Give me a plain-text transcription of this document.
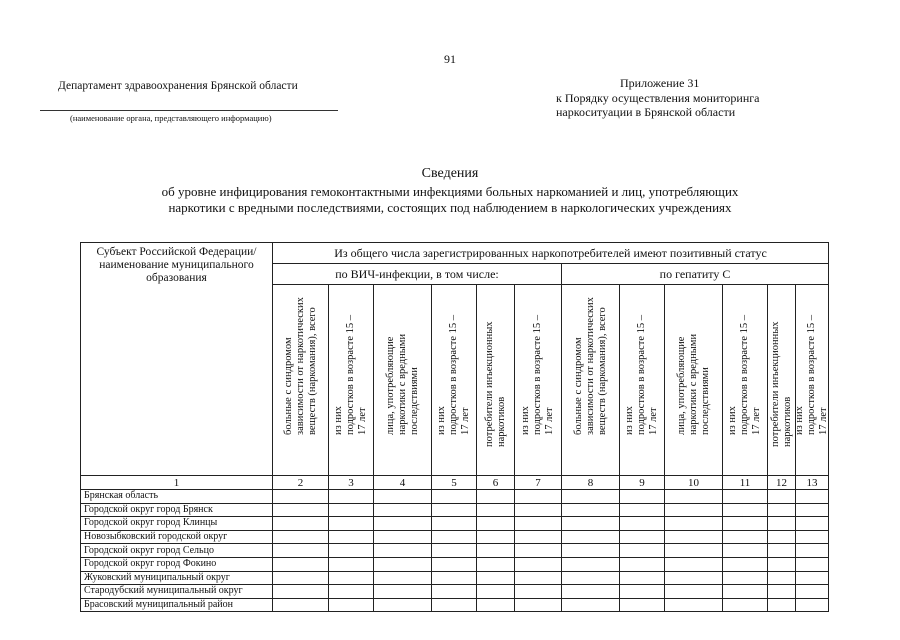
91
Департамент здравоохранения Брянской области
(наименование органа, представляющего информацию)
Приложение 31
к Порядку осуществления мониторинга
наркоситуации в Брянской области
Сведения
об уровне инфицирования гемоконтактными инфекциями больных наркоманией и лиц, употребляющих
наркотики с вредными последствиями, состоящих под наблюдением в наркологических учреждениях
Субъект Российской Федерации/ наименование муниципального образования	Из общего числа зарегистрированных наркопотребителей имеют позитивный статус											
	по ВИЧ-инфекции, в том числе:						по гепатиту С					

	больные с синдромом
зависимости от наркотических
веществ (наркомания), всего	из них
подростков в возрасте 15 –
17 лет	лица, употребляющие
наркотики с вредными
последствиями	из них
подростков в возрасте 15 –
17 лет	потребители инъекционных
наркотиков	из них
подростков в возрасте 15 –
17 лет	больные с синдромом
зависимости от наркотических
веществ (наркомания), всего	из них
подростков в возрасте 15 –
17 лет	лица, употребляющие
наркотики с вредными
последствиями	из них
подростков в возрасте 15 –
17 лет	потребители инъекционных
наркотиков	из них
подростков в возрасте 15 –
17 лет

1	2	3	4	5	6	7	8	9	10	11	12	13
Брянская область												
Городской округ город Брянск												
Городской округ город Клинцы												
Новозыбковский городской округ												
Городской округ город Сельцо												
Городской округ город Фокино												
Жуковский муниципальный округ												
Стародубский муниципальный округ												
Брасовский муниципальный район												
